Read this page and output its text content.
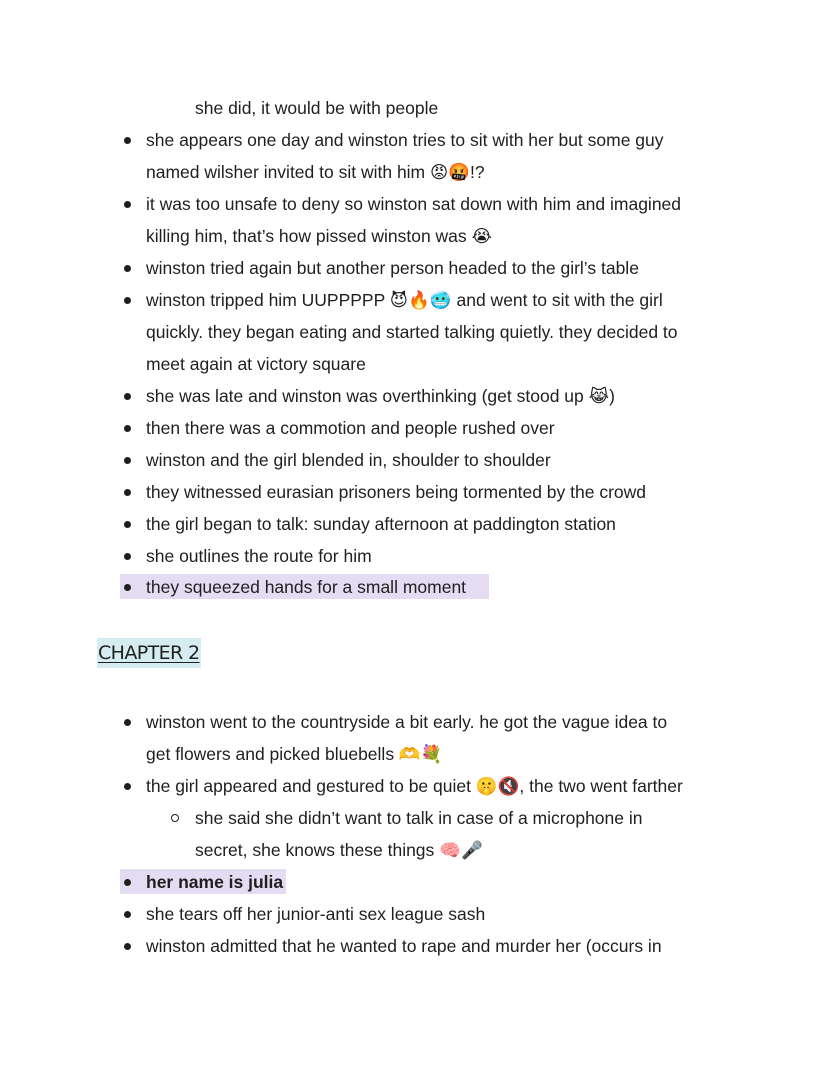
she did, it would be with people
she appears one day and winston tries to sit with her but some guy
named wilsher invited to sit with him 😡🤬!?
it was too unsafe to deny so winston sat down with him and imagined
killing him, that’s how pissed winston was 😭
winston tried again but another person headed to the girl’s table
winston tripped him UUPPPPP 😈🔥🥶 and went to sit with the girl
quickly. they began eating and started talking quietly. they decided to
meet again at victory square
she was late and winston was overthinking (get stood up 😹)
then there was a commotion and people rushed over
winston and the girl blended in, shoulder to shoulder
they witnessed eurasian prisoners being tormented by the crowd
the girl began to talk: sunday afternoon at paddington station
she outlines the route for him
they squeezed hands for a small moment
CHAPTER 2
winston went to the countryside a bit early. he got the vague idea to
get flowers and picked bluebells 🫶💐
the girl appeared and gestured to be quiet 🤫🔇, the two went farther
she said she didn’t want to talk in case of a microphone in
secret, she knows these things 🧠🎤
her name is julia
she tears off her junior-anti sex league sash
winston admitted that he wanted to rape and murder her (occurs in
